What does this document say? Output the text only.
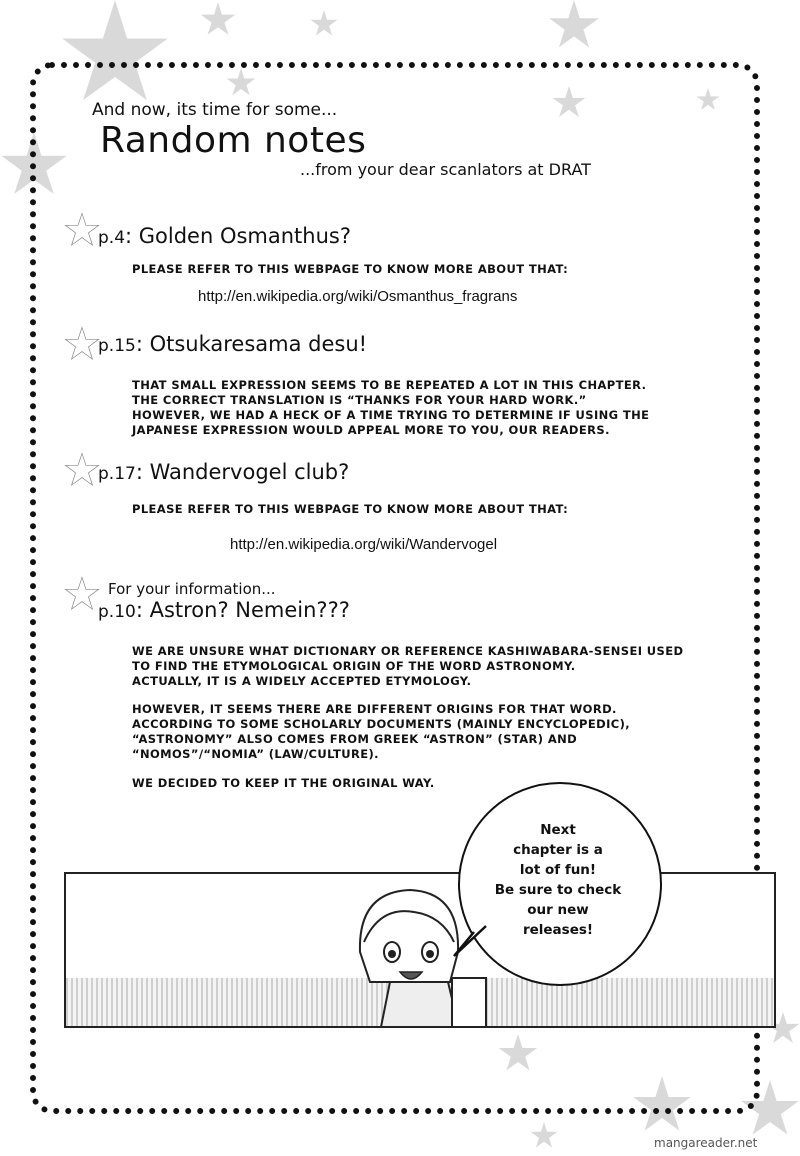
And now, its time for some...
Random notes
...from your dear scanlators at DRAT
p.4: Golden Osmanthus?
PLEASE REFER TO THIS WEBPAGE TO KNOW MORE ABOUT THAT:
http://en.wikipedia.org/wiki/Osmanthus_fragrans
p.15: Otsukaresama desu!
THAT SMALL EXPRESSION SEEMS TO BE REPEATED A LOT IN THIS CHAPTER.
THE CORRECT TRANSLATION IS “THANKS FOR YOUR HARD WORK.”
HOWEVER, WE HAD A HECK OF A TIME TRYING TO DETERMINE IF USING THE
JAPANESE EXPRESSION WOULD APPEAL MORE TO YOU, OUR READERS.
p.17: Wandervogel club?
PLEASE REFER TO THIS WEBPAGE TO KNOW MORE ABOUT THAT:
http://en.wikipedia.org/wiki/Wandervogel
For your information...
p.10: Astron? Nemein???
WE ARE UNSURE WHAT DICTIONARY OR REFERENCE KASHIWABARA-SENSEI USED
TO FIND THE ETYMOLOGICAL ORIGIN OF THE WORD ASTRONOMY.
ACTUALLY, IT IS A WIDELY ACCEPTED ETYMOLOGY.
HOWEVER, IT SEEMS THERE ARE DIFFERENT ORIGINS FOR THAT WORD.
ACCORDING TO SOME SCHOLARLY DOCUMENTS (MAINLY ENCYCLOPEDIC),
“ASTRONOMY” ALSO COMES FROM GREEK “ASTRON” (STAR) AND
“NOMOS”/“NOMIA” (LAW/CULTURE).
WE DECIDED TO KEEP IT THE ORIGINAL WAY.
Next
chapter is a
lot of fun!
Be sure to check
our new
releases!
mangareader.net
